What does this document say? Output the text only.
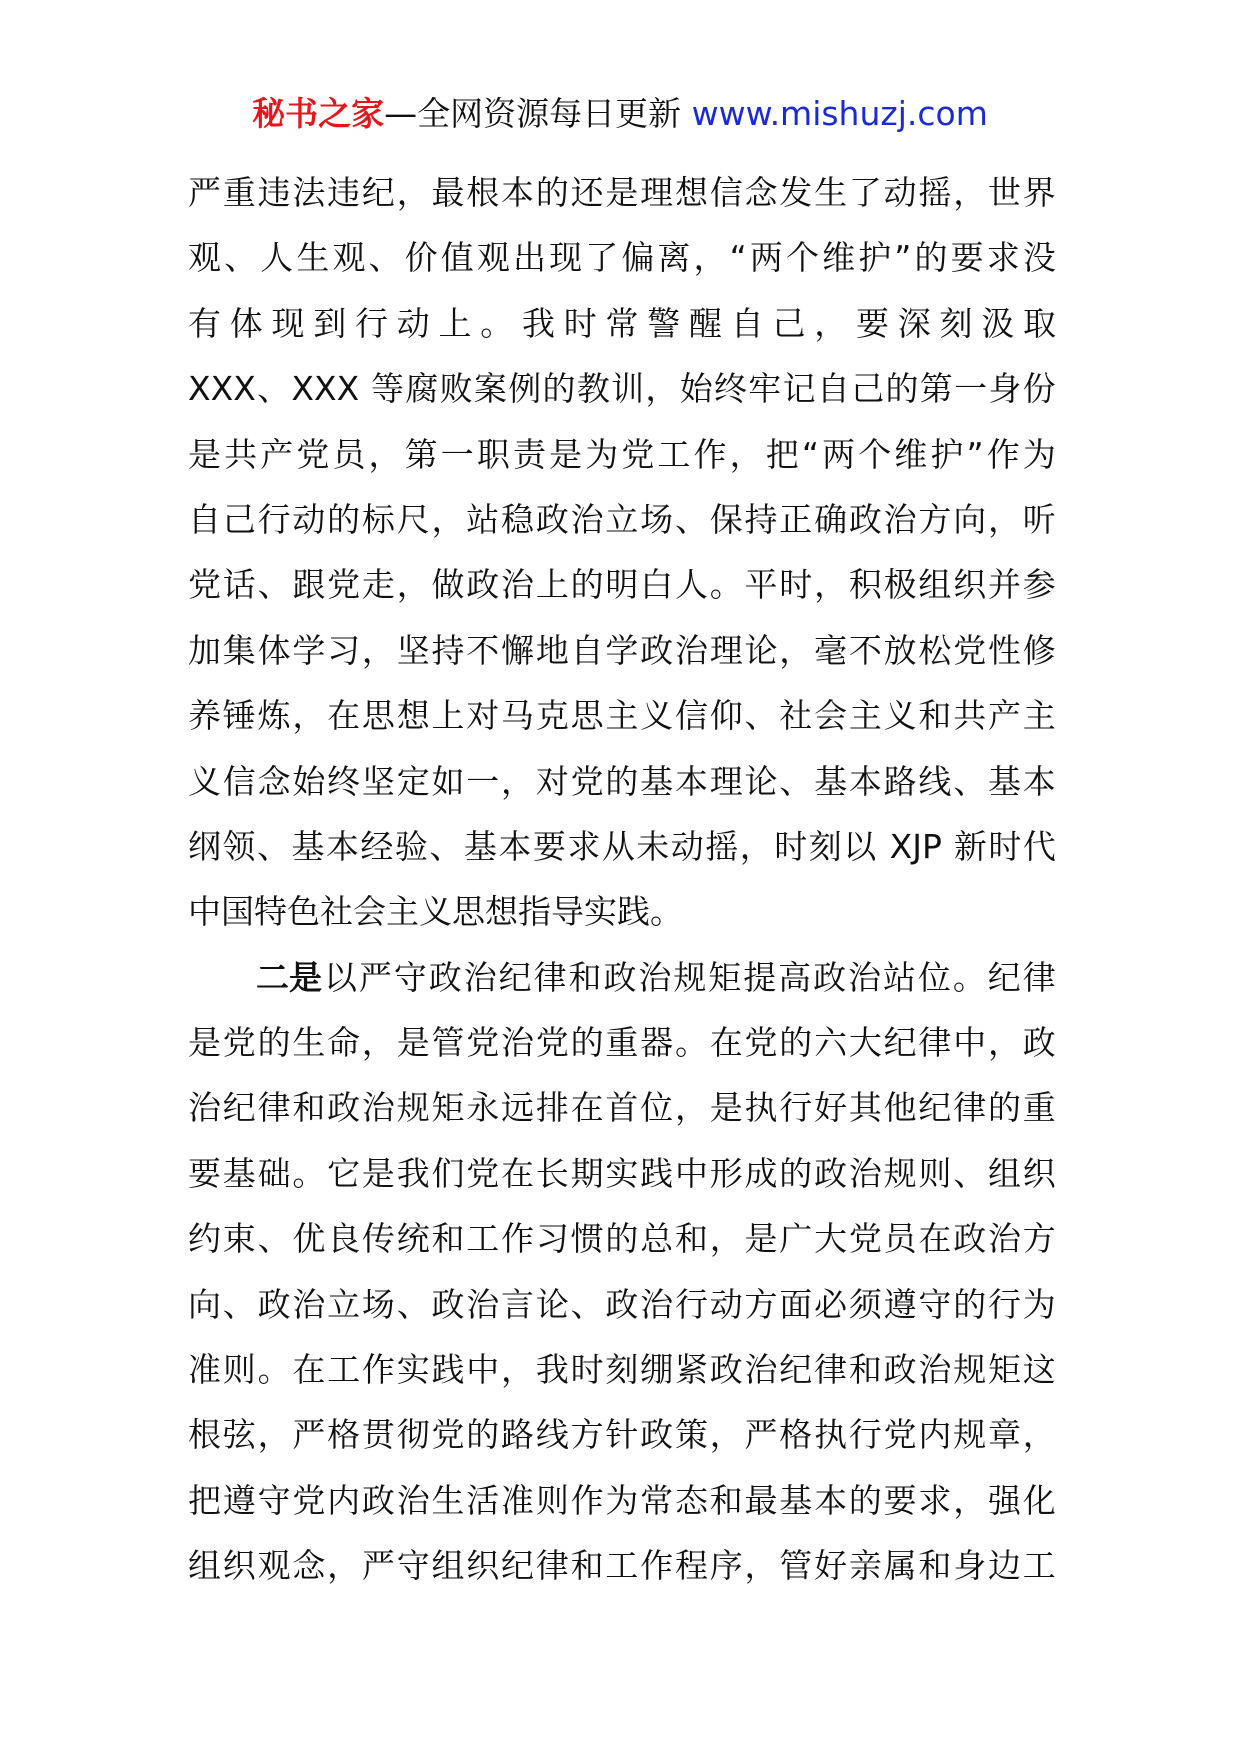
秘书之家—全网资源每日更新 www.mishuzj.com
严 重 违 法 违 纪 ， 最 根 本 的 还 是 理 想 信 念 发 生 了 动 摇 ， 世 界
观 、 人 生 观 、 价 值 观 出 现 了 偏 离 ， “ 两 个 维 护 ” 的 要 求 没
有 体 现 到 行 动 上 。 我 时 常 警 醒 自 己 ， 要 深 刻 汲 取
XXX 、 XXX 等 腐 败 案 例 的 教 训 ， 始 终 牢 记 自 己 的 第 一 身 份
是 共 产 党 员 ， 第 一 职 责 是 为 党 工 作 ， 把 “ 两 个 维 护 ” 作 为
自 己 行 动 的 标 尺 ， 站 稳 政 治 立 场 、 保 持 正 确 政 治 方 向 ， 听
党 话 、 跟 党 走 ， 做 政 治 上 的 明 白 人 。 平 时 ， 积 极 组 织 并 参
加 集 体 学 习 ， 坚 持 不 懈 地 自 学 政 治 理 论 ， 毫 不 放 松 党 性 修
养 锤 炼 ， 在 思 想 上 对 马 克 思 主 义 信 仰 、 社 会 主 义 和 共 产 主
义 信 念 始 终 坚 定 如 一 ， 对 党 的 基 本 理 论 、 基 本 路 线 、 基 本
纲 领 、 基 本 经 验 、 基 本 要 求 从 未 动 摇 ， 时 刻 以
XJP 新 时 代
中国特色社会主义思想指导实践。
二是 以 严 守 政 治 纪 律 和 政 治 规 矩 提 高 政 治 站 位 。 纪 律
是 党 的 生 命 ， 是 管 党 治 党 的 重 器 。 在 党 的 六 大 纪 律 中 ， 政
治 纪 律 和 政 治 规 矩 永 远 排 在 首 位 ， 是 执 行 好 其 他 纪 律 的 重
要 基 础 。 它 是 我 们 党 在 长 期 实 践 中 形 成 的 政 治 规 则 、 组 织
约 束 、 优 良 传 统 和 工 作 习 惯 的 总 和 ， 是 广 大 党 员 在 政 治 方
向 、 政 治 立 场 、 政 治 言 论 、 政 治 行 动 方 面 必 须 遵 守 的 行 为
准 则 。 在 工 作 实 践 中 ， 我 时 刻 绷 紧 政 治 纪 律 和 政 治 规 矩 这
根 弦 ， 严 格 贯 彻 党 的 路 线 方 针 政 策 ， 严 格 执 行 党 内 规 章 ，
把 遵 守 党 内 政 治 生 活 准 则 作 为 常 态 和 最 基 本 的 要 求 ， 强 化
组 织 观 念 ， 严 守 组 织 纪 律 和 工 作 程 序 ， 管 好 亲 属 和 身 边 工
